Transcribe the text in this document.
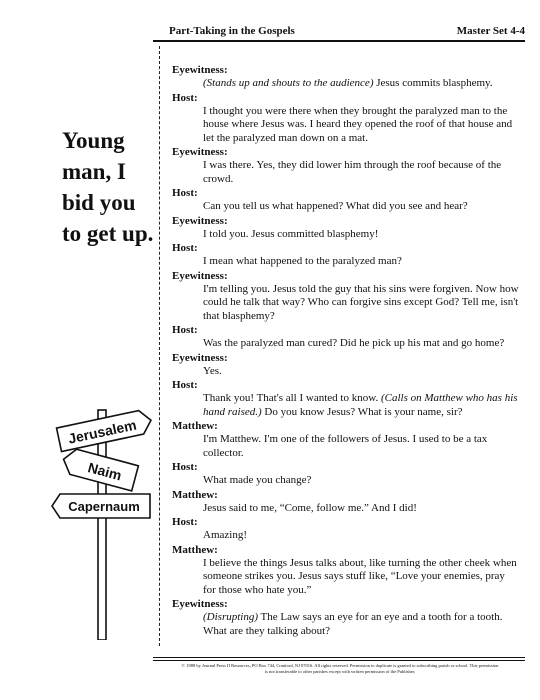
Part-Taking in the Gospels	Master Set 4-4
Young man, I bid you to get up.
Jerusalem
Naim
Capernaum
Eyewitness:
(Stands up and shouts to the audience) Jesus commits blasphemy.
Host:
I thought you were there when they brought the paralyzed man to the house where Jesus was. I heard they opened the roof of that house and let the paralyzed man down on a mat.
Eyewitness:
I was there. Yes, they did lower him through the roof because of the crowd.
Host:
Can you tell us what happened? What did you see and hear?
Eyewitness:
I told you. Jesus committed blasphemy!
Host:
I mean what happened to the paralyzed man?
Eyewitness:
I'm telling you. Jesus told the guy that his sins were forgiven. Now how could he talk that way? Who can forgive sins except God? Tell me, isn't that blasphemy?
Host:
Was the paralyzed man cured? Did he pick up his mat and go home?
Eyewitness:
Yes.
Host:
Thank you! That's all I wanted to know. (Calls on Matthew who has his hand raised.) Do you know Jesus? What is your name, sir?
Matthew:
I'm Matthew. I'm one of the followers of Jesus. I used to be a tax collector.
Host:
What made you change?
Matthew:
Jesus said to me, “Come, follow me.” And I did!
Host:
Amazing!
Matthew:
I believe the things Jesus talks about, like turning the other cheek when someone strikes you. Jesus says stuff like, “Love your enemies, pray for those who hate you.”
Eyewitness:
(Disrupting) The Law says an eye for an eye and a tooth for a tooth. What are they talking about?
© 1988 by Journal Press II Resources, PO Box 744, Cranford, NJ 07016. All rights reserved. Permission to duplicate is granted to subscribing parish or school. This permission is not transferable to other parishes except with written permission of the Publisher.
